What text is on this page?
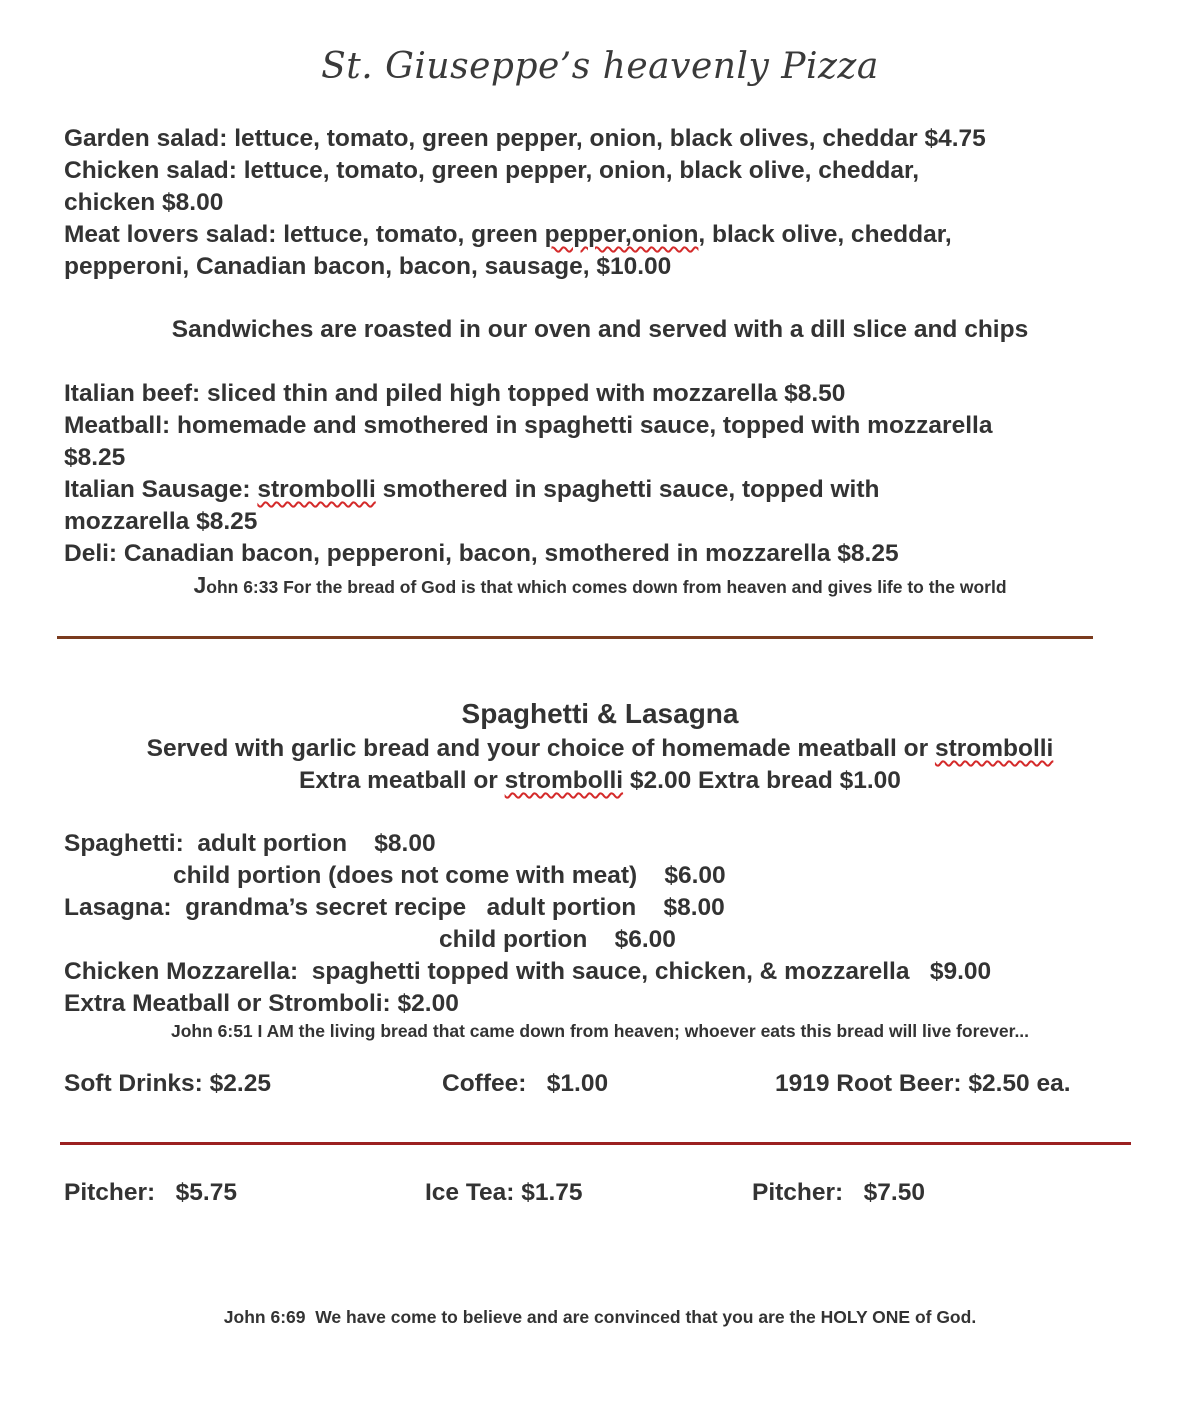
St. Giuseppe’s heavenly Pizza
Garden salad: lettuce, tomato, green pepper, onion, black olives, cheddar $4.75
Chicken salad: lettuce, tomato, green pepper, onion, black olive, cheddar,
chicken $8.00
Meat lovers salad: lettuce, tomato, green pepper,onion, black olive, cheddar,
pepperoni, Canadian bacon, bacon, sausage, $10.00
Sandwiches are roasted in our oven and served with a dill slice and chips
Italian beef: sliced thin and piled high topped with mozzarella $8.50
Meatball: homemade and smothered in spaghetti sauce, topped with mozzarella
$8.25
Italian Sausage: strombolli smothered in spaghetti sauce, topped with
mozzarella $8.25
Deli: Canadian bacon, pepperoni, bacon, smothered in mozzarella $8.25
John 6:33 For the bread of God is that which comes down from heaven and gives life to the world
Spaghetti & Lasagna
Served with garlic bread and your choice of homemade meatball or strombolli
Extra meatball or strombolli $2.00 Extra bread $1.00
Spaghetti:  adult portion    $8.00
child portion (does not come with meat)    $6.00
Lasagna:  grandma’s secret recipe   adult portion    $8.00
child portion    $6.00
Chicken Mozzarella:  spaghetti topped with sauce, chicken, & mozzarella   $9.00
Extra Meatball or Stromboli: $2.00
John 6:51 I AM the living bread that came down from heaven; whoever eats this bread will live forever...
Soft Drinks: $2.25	Coffee:   $1.00	1919 Root Beer: $2.50 ea.
Pitcher:   $5.75	Ice Tea: $1.75	Pitcher:   $7.50
John 6:69  We have come to believe and are convinced that you are the HOLY ONE of God.
